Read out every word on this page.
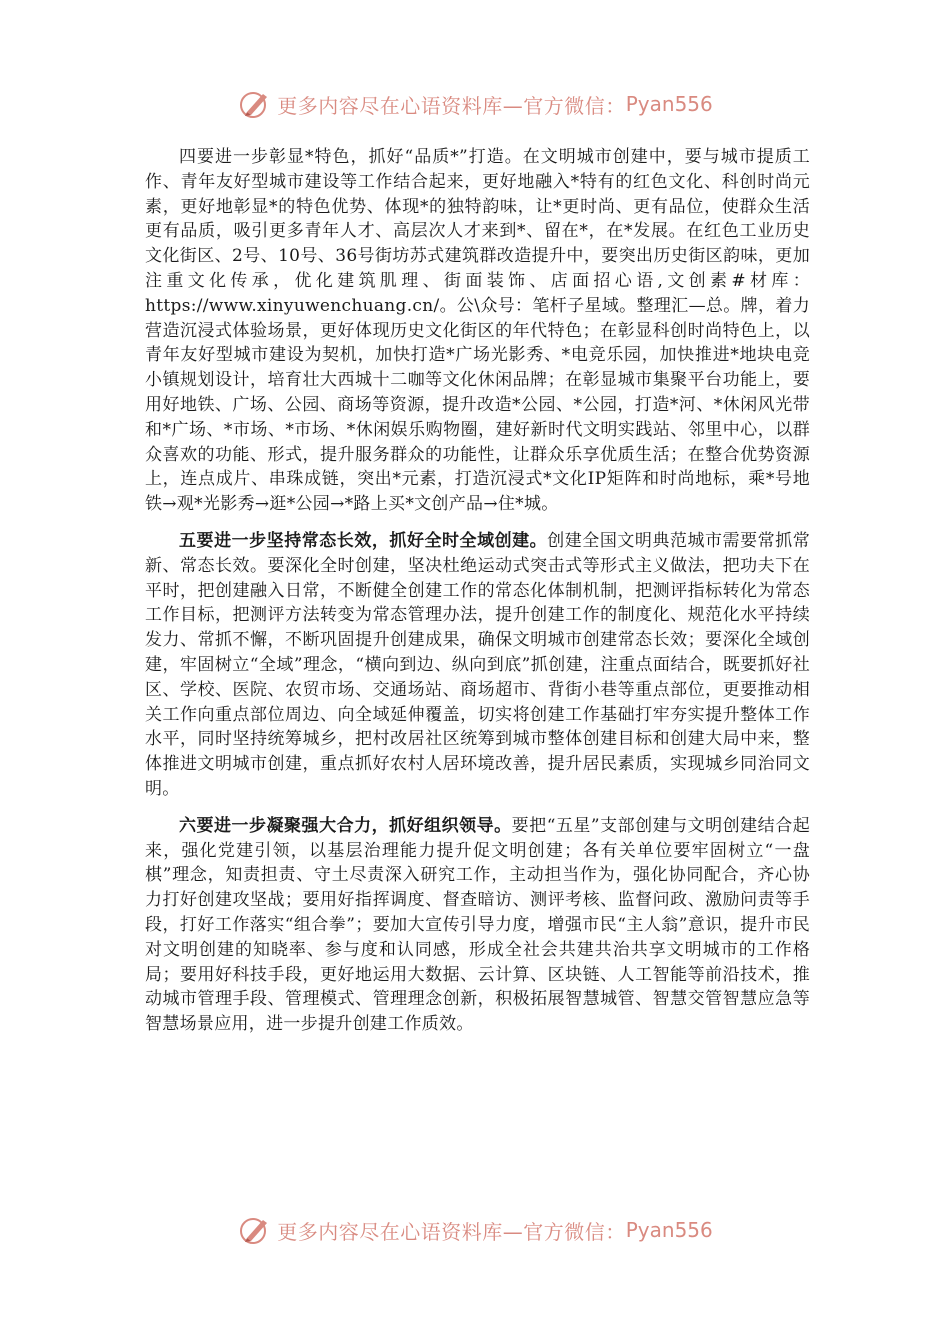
更多内容尽在心语资料库—官方微信： Pyan556

四要进一步彰显*特色，抓好“品质*”打造。在文明城市创建中，要与城市提质工作、青年友好型城市建设等工作结合起来，更好地融入*特有的红色文化、科创时尚元素，更好地彰显*的特色优势、体现*的独特韵味，让*更时尚、更有品位，使群众生活更有品质，吸引更多青年人才、高层次人才来到*、留在*，在*发展。在红色工业历史文化街区、2号、10号、36号街坊苏式建筑群改造提升中，要突出历史街区韵味，更加注重文化传承，优化建筑肌理、街面装饰、店面招心语,文创素#材库：https://www.xinyuwenchuang.cn/。公\众号：笔杆子星域。整理汇—总。牌，着力营造沉浸式体验场景，更好体现历史文化街区的年代特色；在彰显科创时尚特色上，以青年友好型城市建设为契机，加快打造*广场光影秀、*电竞乐园，加快推进*地块电竞小镇规划设计，培育壮大西城十二咖等文化休闲品牌；在彰显城市集聚平台功能上，要用好地铁、广场、公园、商场等资源，提升改造*公园、*公园，打造*河、*休闲风光带和*广场、*市场、*市场、*休闲娱乐购物圈，建好新时代文明实践站、邻里中心，以群众喜欢的功能、形式，提升服务群众的功能性，让群众乐享优质生活；在整合优势资源上，连点成片、串珠成链，突出*元素，打造沉浸式*文化IP矩阵和时尚地标，乘*号地铁→观*光影秀→逛*公园→*路上买*文创产品→住*城。

五要进一步坚持常态长效，抓好全时全域创建。创建全国文明典范城市需要常抓常新、常态长效。要深化全时创建，坚决杜绝运动式突击式等形式主义做法，把功夫下在平时，把创建融入日常，不断健全创建工作的常态化体制机制，把测评指标转化为常态工作目标，把测评方法转变为常态管理办法，提升创建工作的制度化、规范化水平持续发力、常抓不懈，不断巩固提升创建成果，确保文明城市创建常态长效；要深化全域创建，牢固树立“全域”理念，“横向到边、纵向到底”抓创建，注重点面结合，既要抓好社区、学校、医院、农贸市场、交通场站、商场超市、背街小巷等重点部位，更要推动相关工作向重点部位周边、向全域延伸覆盖，切实将创建工作基础打牢夯实提升整体工作水平，同时坚持统筹城乡，把村改居社区统筹到城市整体创建目标和创建大局中来，整体推进文明城市创建，重点抓好农村人居环境改善，提升居民素质，实现城乡同治同文明。

六要进一步凝聚强大合力，抓好组织领导。要把“五星”支部创建与文明创建结合起来，强化党建引领，以基层治理能力提升促文明创建；各有关单位要牢固树立“一盘棋”理念，知责担责、守土尽责深入研究工作，主动担当作为，强化协同配合，齐心协力打好创建攻坚战；要用好指挥调度、督查暗访、测评考核、监督问政、激励问责等手段，打好工作落实“组合拳”；要加大宣传引导力度，增强市民“主人翁”意识，提升市民对文明创建的知晓率、参与度和认同感，形成全社会共建共治共享文明城市的工作格局；要用好科技手段，更好地运用大数据、云计算、区块链、人工智能等前沿技术，推动城市管理手段、管理模式、管理理念创新，积极拓展智慧城管、智慧交管智慧应急等智慧场景应用，进一步提升创建工作质效。

更多内容尽在心语资料库—官方微信： Pyan556
